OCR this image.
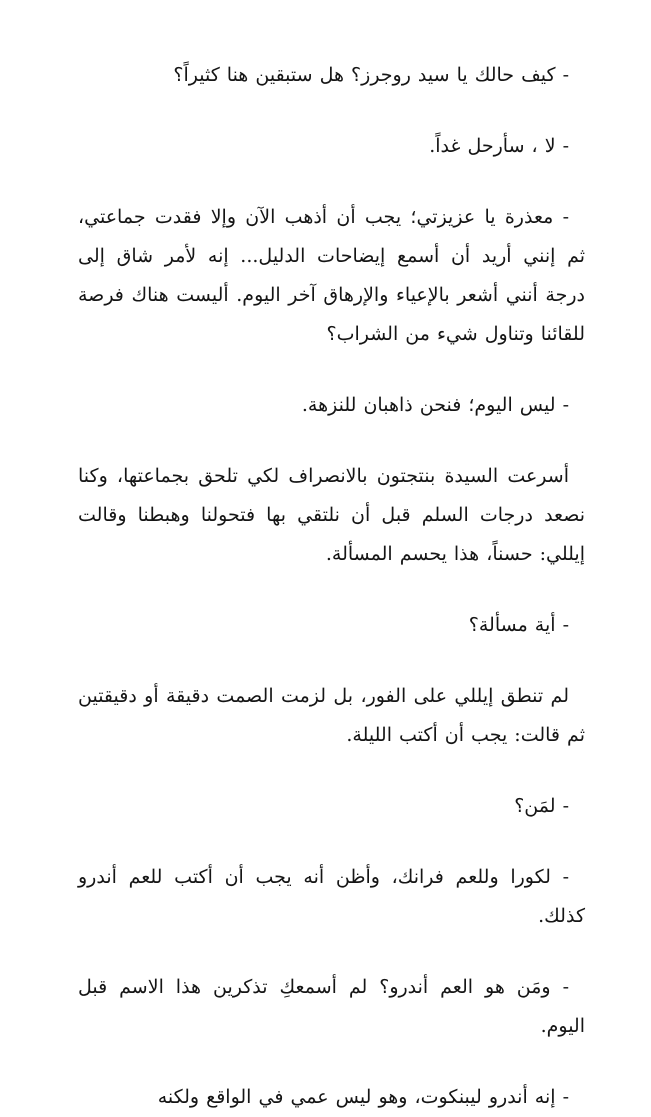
- كيف حالك يا سيد روجرز؟ هل ستبقين هنا كثيراً؟

- لا ، سأرحل غداً.

- معذرة يا عزيزتي؛ يجب أن أذهب الآن وإلا فقدت جماعتي، ثم إنني أريد أن أسمع إيضاحات الدليل... إنه لأمر شاق إلى درجة أنني أشعر بالإعياء والإرهاق آخر اليوم. أليست هناك فرصة للقائنا وتناول شيء من الشراب؟

- ليس اليوم؛ فنحن ذاهبان للنزهة.

أسرعت السيدة بنتجتون بالانصراف لكي تلحق بجماعتها، وكنا نصعد درجات السلم قبل أن نلتقي بها فتحولنا وهبطنا وقالت إيللي: حسناً، هذا يحسم المسألة.

- أية مسألة؟

لم تنطق إيللي على الفور، بل لزمت الصمت دقيقة أو دقيقتين ثم قالت: يجب أن أكتب الليلة.

- لمَن؟

- لكورا وللعم فرانك، وأظن أنه يجب أن أكتب للعم أندرو كذلك.

- ومَن هو العم أندرو؟ لم أسمعكِ تذكرين هذا الاسم قبل اليوم.

- إنه أندرو ليبنكوت، وهو ليس عمي في الواقع ولكنه
